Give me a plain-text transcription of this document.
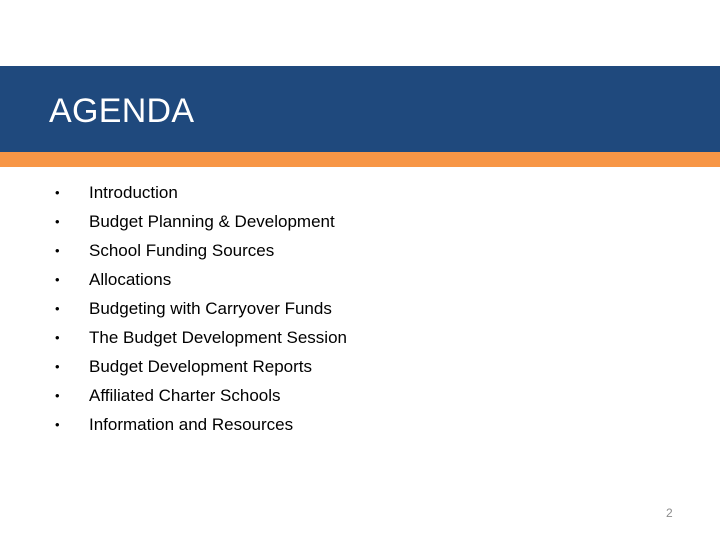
AGENDA
• Introduction
• Budget Planning & Development
• School Funding Sources
• Allocations
• Budgeting with Carryover Funds
• The Budget Development Session
• Budget Development Reports
• Affiliated Charter Schools
• Information and Resources
2
